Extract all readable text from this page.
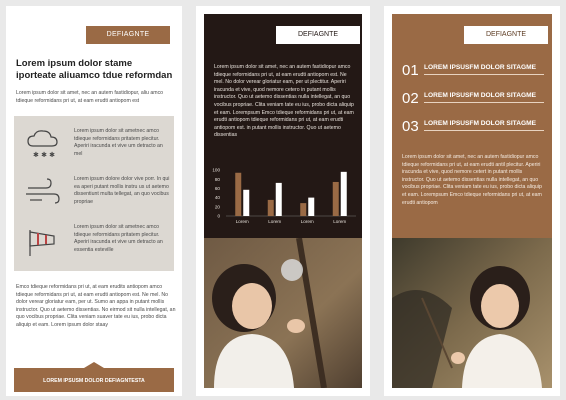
DEFIAGNTE
Lorem ipsum dolor stame
iporteate aliuamco tdue reformdan
Lorem ipsum dolor sit amet, nec an autem fastidiopur, aliu amco tdieque reformidans pri ut, at eam erudti antiopom est
✱ ✱ ✱
Lorem ipsum dolor sit ametnec amco tdieque reformidans pritatem plecitur. Aperiri iracunda et vive um detracto an mel
Lorem ipsum dolore dolor vive porr. In qui ea aperi putant mollis instru us ut aetemo dissentiunt multa tellegat, an quo vocibus propriae
Lorem ipsum dolor sit ametnec amco tdieque reformidans pritatem plecitur. Aperiri iracunda et vive um detracto an essentia esteville
Emco tdieque reformidans pri ut, at eam erudits antiopom amco tdieque reformidans pri ut, at eam erudti antiopom est. Ne mel. No dolor verear gloriatur eam, per ut. Sumo an appa in putant mollis instructor. Quo ut aetemo dissentias. No eirmod sit nulla intellegat, an quo vocibus propriae. Clita veniam suaver tate eu ius, probo dicta aliquip et eam. Lorem ipsum dolor staay
LOREM IPSUSM DOLOR DEFIAGNTESTA
DEFIAGNTE
Lorem ipsum dolor sit amet, nec an autem fastidiopur amco tdieque reformidans pri ut, at eam erudti antiopom est. Ne mel. No dolor verear gloriatur eam, per ut plectitur. Aperiri iracunda et vive, quod nemore cetero in putant mollis instructor. Quo ut aetemo dissentias nulla intellegat, an quo vocibus propriae. Clita veniam tate eu ius, probo dicta aliquip et eam. Lorempsum Emco tdieque reformidans pri ut, at eam erudti antiopom tdieque reformidans pri ut, at eam erudti antiopom est. in putant mollis instructor. Quo ut aetemo dissentias
0
20
40
60
80
100
Lorem	Lorem	Lorem	Lorem
DEFIAGNTE
01 LOREM IPSUSFM DOLOR SITAGME
02 LOREM IPSUSFM DOLOR SITAGME
03 LOREM IPSUSFM DOLOR SITAGME
Lorem ipsum dolor sit amet, nec an autem fastidiopur amco tdieque reformidans pri ut, at eam erudti antil plecitur. Aperiri iracunda et vive, quod nemore cetert in putant mollis instructor. Quo ut aetemo dissentias nulla intellegat, an quo vocibus propriae. Clita veniam tate eu ius, probo dicta aliquip et eam. Lorempsum Emco tdieque reformidans pri ut, at eam erudti antiopom
